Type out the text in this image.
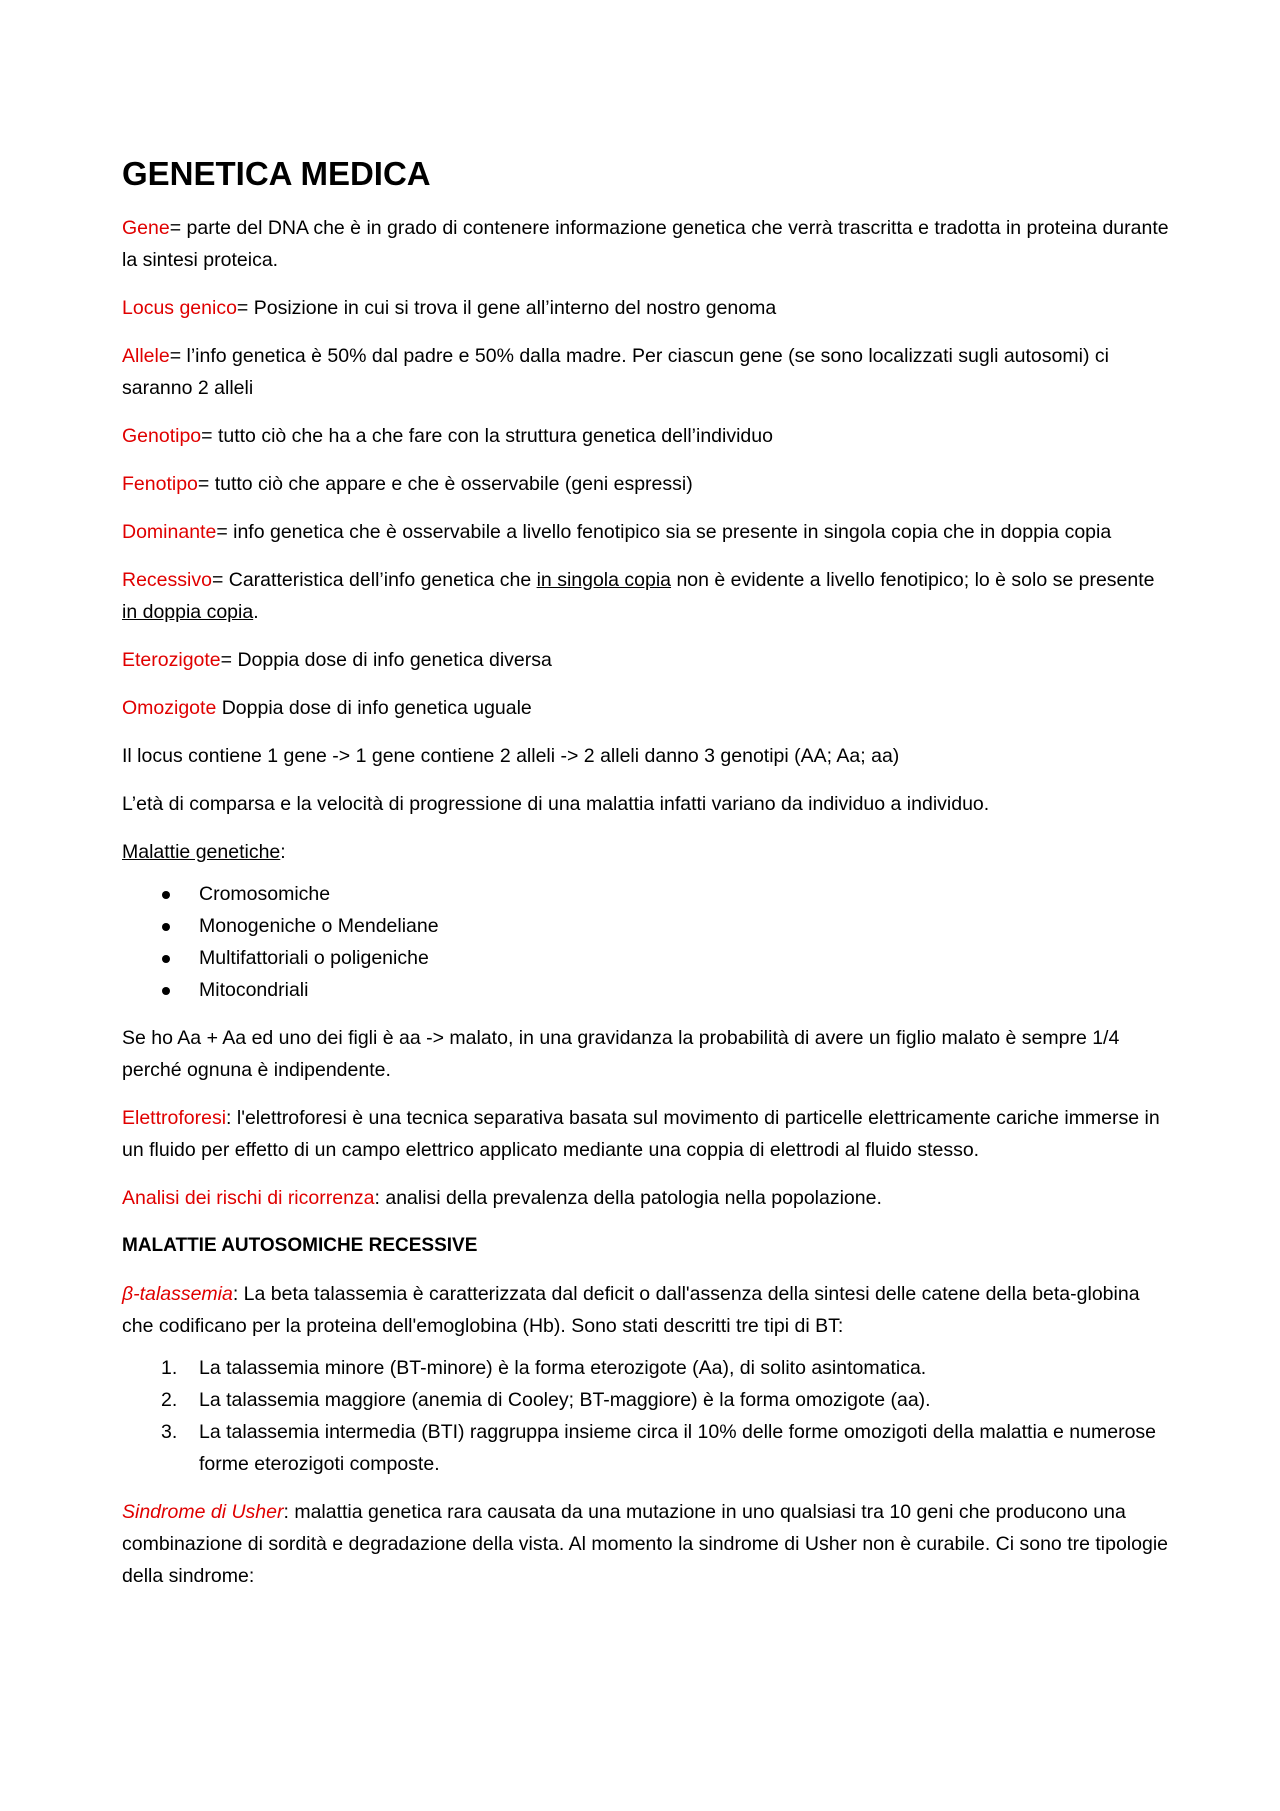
GENETICA MEDICA

Gene= parte del DNA che è in grado di contenere informazione genetica che verrà trascritta e tradotta in proteina durante la sintesi proteica.

Locus genico= Posizione in cui si trova il gene all’interno del nostro genoma

Allele= l’info genetica è 50% dal padre e 50% dalla madre. Per ciascun gene (se sono localizzati sugli autosomi) ci saranno 2 alleli

Genotipo= tutto ciò che ha a che fare con la struttura genetica dell’individuo

Fenotipo= tutto ciò che appare e che è osservabile (geni espressi)

Dominante= info genetica che è osservabile a livello fenotipico sia se presente in singola copia che in doppia copia

Recessivo= Caratteristica dell’info genetica che in singola copia non è evidente a livello fenotipico; lo è solo se presente in doppia copia.

Eterozigote= Doppia dose di info genetica diversa

Omozigote Doppia dose di info genetica uguale

Il locus contiene 1 gene -> 1 gene contiene 2 alleli -> 2 alleli danno 3 genotipi (AA; Aa; aa)

L’età di comparsa e la velocità di progressione di una malattia infatti variano da individuo a individuo.

Malattie genetiche:

Cromosomiche
Monogeniche o Mendeliane
Multifattoriali o poligeniche
Mitocondriali

Se ho Aa + Aa ed uno dei figli è aa -> malato, in una gravidanza la probabilità di avere un figlio malato è sempre 1/4 perché ognuna è indipendente.

Elettroforesi: l'elettroforesi è una tecnica separativa basata sul movimento di particelle elettricamente cariche immerse in un fluido per effetto di un campo elettrico applicato mediante una coppia di elettrodi al fluido stesso.

Analisi dei rischi di ricorrenza: analisi della prevalenza della patologia nella popolazione.

MALATTIE AUTOSOMICHE RECESSIVE

β-talassemia: La beta talassemia è caratterizzata dal deficit o dall'assenza della sintesi delle catene della beta-globina che codificano per la proteina dell'emoglobina (Hb). Sono stati descritti tre tipi di BT:

1. La talassemia minore (BT-minore) è la forma eterozigote (Aa), di solito asintomatica.
2. La talassemia maggiore (anemia di Cooley; BT-maggiore) è la forma omozigote (aa).
3. La talassemia intermedia (BTI) raggruppa insieme circa il 10% delle forme omozigoti della malattia e numerose forme eterozigoti composte.

Sindrome di Usher: malattia genetica rara causata da una mutazione in uno qualsiasi tra 10 geni che producono una combinazione di sordità e degradazione della vista. Al momento la sindrome di Usher non è curabile. Ci sono tre tipologie della sindrome:
